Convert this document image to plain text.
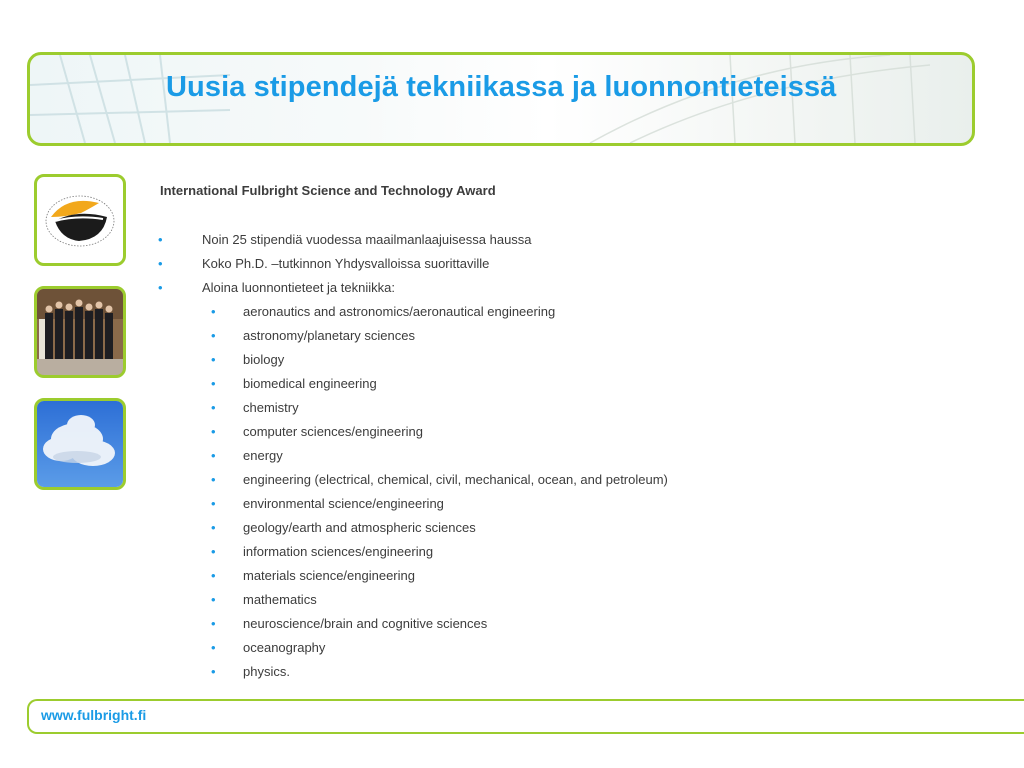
Uusia stipendejä tekniikassa ja luonnontieteissä
International Fulbright Science and Technology Award
•	Noin 25 stipendiä vuodessa maailmanlaajuisessa haussa
•	Koko Ph.D. –tutkinnon Yhdysvalloissa suorittaville
•	Aloina luonnontieteet ja tekniikka:
• aeronautics and astronomics/aeronautical engineering
• astronomy/planetary sciences
• biology
• biomedical engineering
• chemistry
• computer sciences/engineering
• energy
• engineering (electrical, chemical, civil, mechanical, ocean, and petroleum)
• environmental science/engineering
• geology/earth and atmospheric sciences
• information sciences/engineering
• materials science/engineering
• mathematics
• neuroscience/brain and cognitive sciences
• oceanography
• physics.
www.fulbright.fi
